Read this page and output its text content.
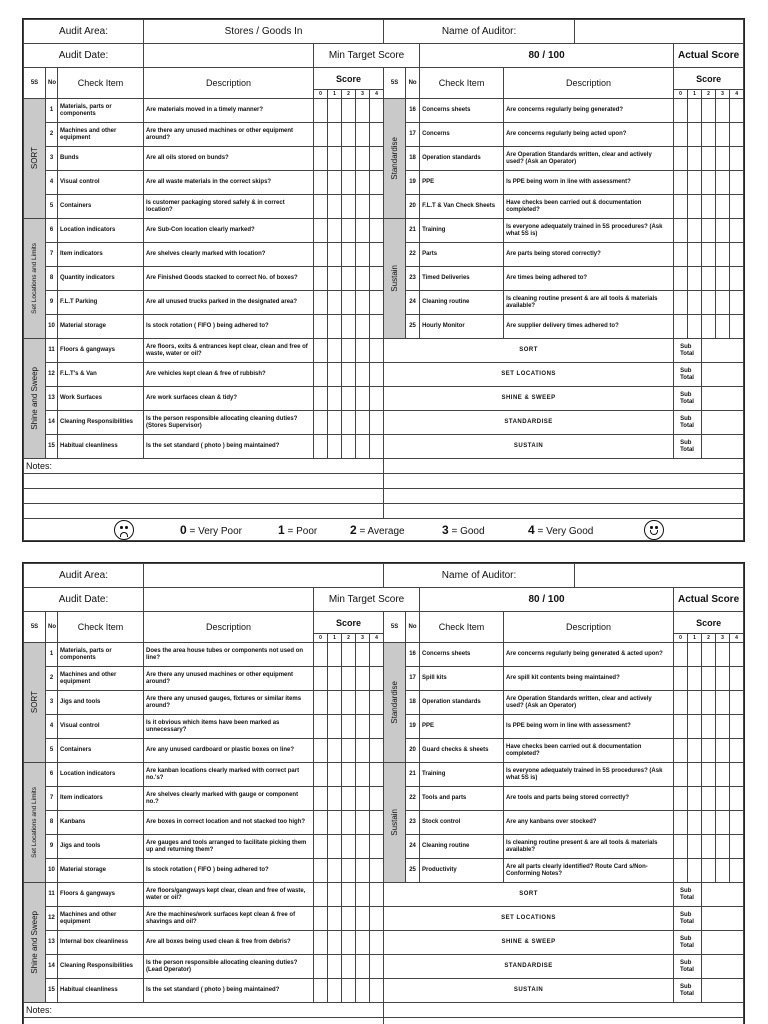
Audit Area:			Stores / Goods In						Name of Auditor:								

Audit Date:				Min Target Score							80 / 100		Actual Score				
5S	No	Check Item	Description	Score					5S	No	Check Item	Description	Score				
				0	1	2	3	4					0	1	2	3	4

SORT	1	Materials, parts or components	Are materials moved in a timely manner?						Standardise	16	Concerns sheets	Are concerns regularly being generated?					
	2	Machines and other equipment	Are there any unused machines or other equipment around?							17	Concerns	Are concerns regularly being acted upon?					
	3	Bunds	Are all oils stored on bunds?							18	Operation standards	Are Operation Standards written, clear and actively used? (Ask an Operator)					
	4	Visual control	Are all waste materials in the correct skips?							19	PPE	Is PPE being worn in line with assessment?					
	5	Containers	Is customer packaging stored safely & in correct location?							20	F.L.T & Van Check Sheets	Have checks been carried out & documentation completed?					

Set Locations and Limits	6	Location indicators	Are Sub-Con location clearly marked?						Sustain	21	Training	Is everyone adequately trained in 5S procedures? (Ask what 5S is)					
	7	Item indicators	Are shelves clearly marked with location?							22	Parts	Are parts being stored correctly?					
	8	Quantity indicators	Are Finished Goods stacked to correct No. of boxes?							23	Timed Deliveries	Are times being adhered to?					
	9	F.L.T Parking	Are all unused trucks parked in the designated area?							24	Cleaning routine	Is cleaning routine present & are all tools & materials available?					
	10	Material storage	Is stock rotation ( FIFO ) being adhered to?							25	Hourly Monitor	Are supplier delivery times adhered to?					

Shine and Sweep	11	Floors & gangways	Are floors, exits & entrances kept clear, clean and free of waste, water or oil?						SORT				Sub Total				
	12	F.L.T's & Van	Are vehicles kept clean & free of rubbish?						SET LOCATIONS				Sub Total				
	13	Work Surfaces	Are work surfaces clean & tidy?						SHINE & SWEEP				Sub Total				
	14	Cleaning Responsibilities	Is the person responsible allocating cleaning duties? (Stores Supervisor)						STANDARDISE				Sub Total				
	15	Habitual cleanliness	Is the set standard ( photo ) being maintained?						SUSTAIN				Sub Total				
Notes:																	

0 = Very Poor 1 = Poor 2 = Average 3 = Good 4 = Very Good																	
Audit Area:									Name of Auditor:								

Audit Date:				Min Target Score							80 / 100		Actual Score				
5S	No	Check Item	Description	Score					5S	No	Check Item	Description	Score				
				0	1	2	3	4					0	1	2	3	4

SORT	1	Materials, parts or components	Does the area house tubes or components not used on line?						Standardise	16	Concerns sheets	Are concerns regularly being generated & acted upon?					
	2	Machines and other equipment	Are there any unused machines or other equipment around?							17	Spill kits	Are spill kit contents being maintained?					
	3	Jigs and tools	Are there any unused gauges, fixtures or similar items around?							18	Operation standards	Are Operation Standards written, clear and actively used? (Ask an Operator)					
	4	Visual control	Is it obvious which items have been marked as unnecessary?							19	PPE	Is PPE being worn in line with assessment?					
	5	Containers	Are any unused cardboard or plastic boxes on line?							20	Guard checks & sheets	Have checks been carried out & documentation completed?					

Set Locations and Limits	6	Location indicators	Are kanban locations clearly marked with correct part no.'s?						Sustain	21	Training	Is everyone adequately trained in 5S procedures? (Ask what 5S is)					
	7	Item indicators	Are shelves clearly marked with gauge or component no.?							22	Tools and parts	Are tools and parts being stored correctly?					
	8	Kanbans	Are boxes in correct location and not stacked too high?							23	Stock control	Are any kanbans over stocked?					
	9	Jigs and tools	Are gauges and tools arranged to facilitate picking them up and returning them?							24	Cleaning routine	Is cleaning routine present & are all tools & materials available?					
	10	Material storage	Is stock rotation ( FIFO ) being adhered to?							25	Productivity	Are all parts clearly identified? Route Card s/Non-Conforming Notes?					

Shine and Sweep	11	Floors & gangways	Are floors/gangways kept clear, clean and free of waste, water or oil?						SORT				Sub Total				
	12	Machines and other equipment	Are the machines/work surfaces kept clean & free of shavings and oil?						SET LOCATIONS				Sub Total				
	13	Internal box cleanliness	Are all boxes being used clean & free from debris?						SHINE & SWEEP				Sub Total				
	14	Cleaning Responsibilities	Is the person responsible allocating cleaning duties? (Lead Operator)						STANDARDISE				Sub Total				
	15	Habitual cleanliness	Is the set standard ( photo ) being maintained?						SUSTAIN				Sub Total				
Notes:																	
